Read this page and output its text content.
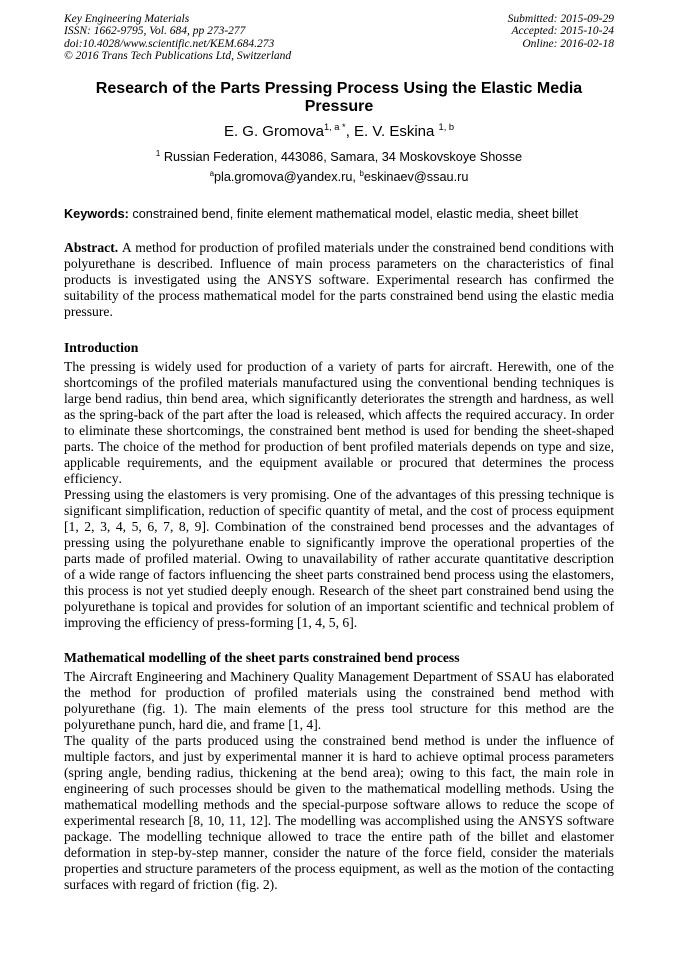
Key Engineering Materials
ISSN: 1662-9795, Vol. 684, pp 273-277
doi:10.4028/www.scientific.net/KEM.684.273
© 2016 Trans Tech Publications Ltd, Switzerland
Submitted: 2015-09-29
Accepted: 2015-10-24
Online: 2016-02-18
Research of the Parts Pressing Process Using the Elastic Media Pressure
E. G. Gromova$^{1, a *}$, E. V. Eskina $^{1, b}$
$^1$ Russian Federation, 443086, Samara, 34 Moskovskoye Shosse
$^a$pla.gromova@yandex.ru, $^b$eskinaev@ssau.ru
Keywords: constrained bend, finite element mathematical model, elastic media, sheet billet

Abstract. A method for production of profiled materials under the constrained bend conditions with polyurethane is described. Influence of main process parameters on the characteristics of final products is investigated using the ANSYS software. Experimental research has confirmed the suitability of the process mathematical model for the parts constrained bend using the elastic media pressure.

Introduction

The pressing is widely used for production of a variety of parts for aircraft. Herewith, one of the shortcomings of the profiled materials manufactured using the conventional bending techniques is large bend radius, thin bend area, which significantly deteriorates the strength and hardness, as well as the spring-back of the part after the load is released, which affects the required accuracy. In order to eliminate these shortcomings, the constrained bent method is used for bending the sheet-shaped parts. The choice of the method for production of bent profiled materials depends on type and size, applicable requirements, and the equipment available or procured that determines the process efficiency.

Pressing using the elastomers is very promising. One of the advantages of this pressing technique is significant simplification, reduction of specific quantity of metal, and the cost of process equipment [1, 2, 3, 4, 5, 6, 7, 8, 9]. Combination of the constrained bend processes and the advantages of pressing using the polyurethane enable to significantly improve the operational properties of the parts made of profiled material. Owing to unavailability of rather accurate quantitative description of a wide range of factors influencing the sheet parts constrained bend process using the elastomers, this process is not yet studied deeply enough. Research of the sheet part constrained bend using the polyurethane is topical and provides for solution of an important scientific and technical problem of improving the efficiency of press-forming [1, 4, 5, 6].

Mathematical modelling of the sheet parts constrained bend process

The Aircraft Engineering and Machinery Quality Management Department of SSAU has elaborated the method for production of profiled materials using the constrained bend method with polyurethane (fig. 1). The main elements of the press tool structure for this method are the polyurethane punch, hard die, and frame [1, 4].

The quality of the parts produced using the constrained bend method is under the influence of multiple factors, and just by experimental manner it is hard to achieve optimal process parameters (spring angle, bending radius, thickening at the bend area); owing to this fact, the main role in engineering of such processes should be given to the mathematical modelling methods. Using the mathematical modelling methods and the special-purpose software allows to reduce the scope of experimental research [8, 10, 11, 12]. The modelling was accomplished using the ANSYS software package. The modelling technique allowed to trace the entire path of the billet and elastomer deformation in step-by-step manner, consider the nature of the force field, consider the materials properties and structure parameters of the process equipment, as well as the motion of the contacting surfaces with regard of friction (fig. 2).
